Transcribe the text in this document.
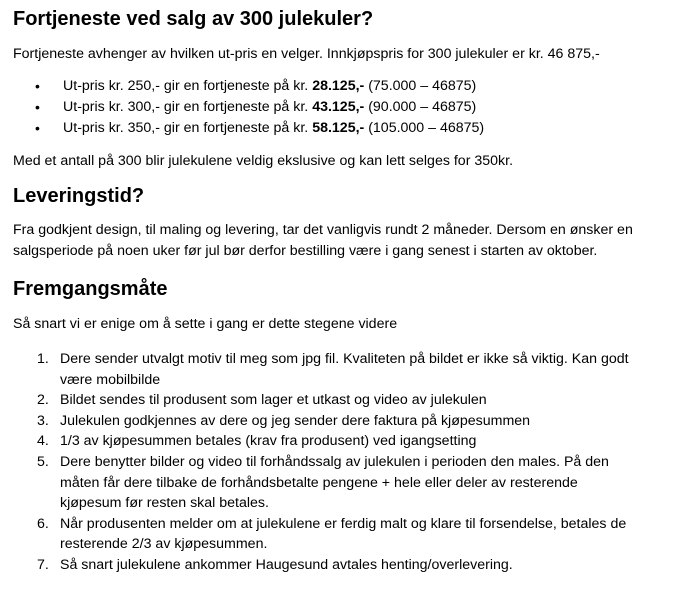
Fortjeneste ved salg av 300 julekuler?

Fortjeneste avhenger av hvilken ut-pris en velger. Innkjøpspris for 300 julekuler er kr. 46 875,-

• Ut-pris kr. 250,- gir en fortjeneste på kr. 28.125,- (75.000 – 46875)
• Ut-pris kr. 300,- gir en fortjeneste på kr. 43.125,- (90.000 – 46875)
• Ut-pris kr. 350,- gir en fortjeneste på kr. 58.125,- (105.000 – 46875)

Med et antall på 300 blir julekulene veldig ekslusive og kan lett selges for 350kr.

Leveringstid?

Fra godkjent design, til maling og levering, tar det vanligvis rundt 2 måneder. Dersom en ønsker en salgsperiode på noen uker før jul bør derfor bestilling være i gang senest i starten av oktober.

Fremgangsmåte

Så snart vi er enige om å sette i gang er dette stegene videre

1. Dere sender utvalgt motiv til meg som jpg fil. Kvaliteten på bildet er ikke så viktig. Kan godt være mobilbilde
2. Bildet sendes til produsent som lager et utkast og video av julekulen
3. Julekulen godkjennes av dere og jeg sender dere faktura på kjøpesummen
4. 1/3 av kjøpesummen betales (krav fra produsent) ved igangsetting
5. Dere benytter bilder og video til forhåndssalg av julekulen i perioden den males. På den måten får dere tilbake de forhåndsbetalte pengene + hele eller deler av resterende kjøpesum før resten skal betales.
6. Når produsenten melder om at julekulene er ferdig malt og klare til forsendelse, betales de resterende 2/3 av kjøpesummen.
7. Så snart julekulene ankommer Haugesund avtales henting/overlevering.
